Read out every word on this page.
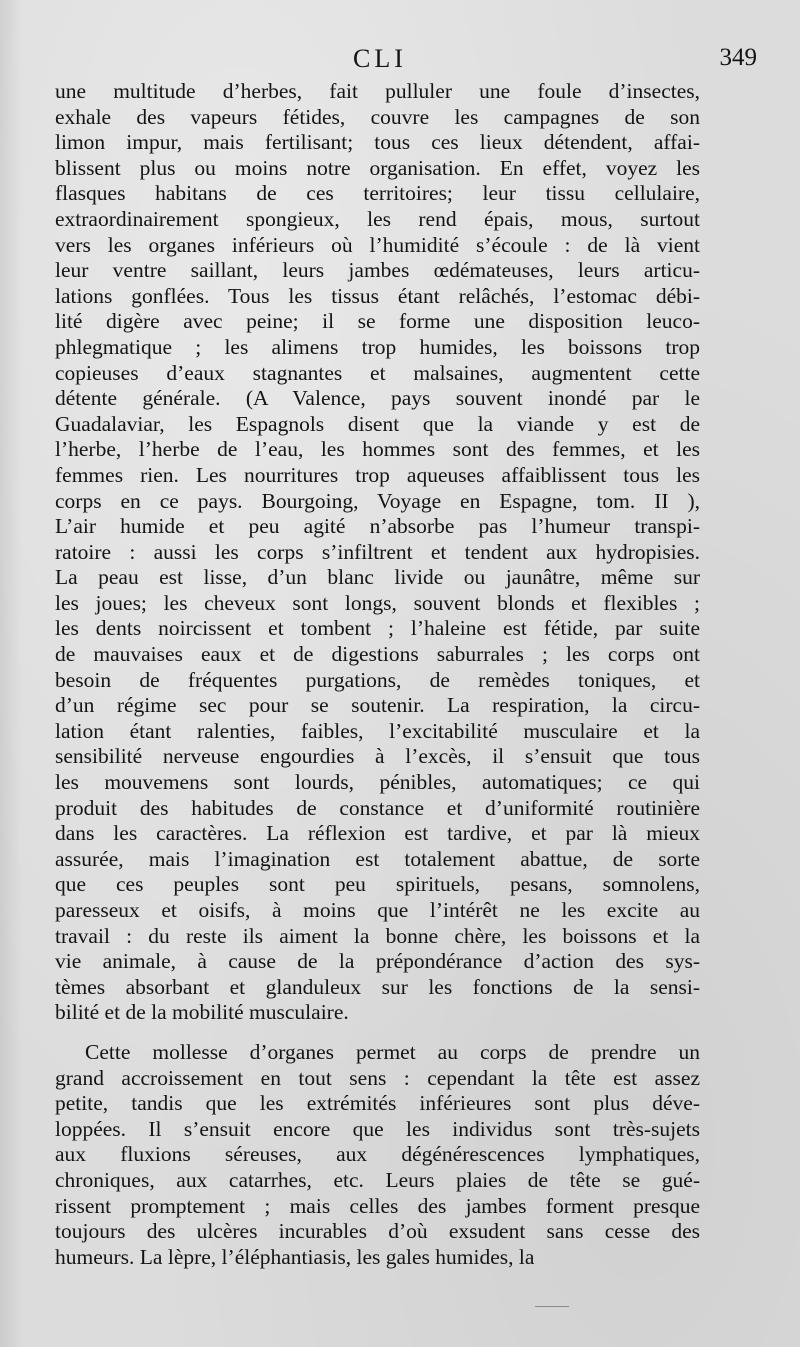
CLI	349
une multitude d’herbes, fait pulluler une foule d’insectes,
exhale des vapeurs fétides, couvre les campagnes de son
limon impur, mais fertilisant; tous ces lieux détendent, affai-
blissent plus ou moins notre organisation. En effet, voyez les
flasques habitans de ces territoires; leur tissu cellulaire,
extraordinairement spongieux, les rend épais, mous, surtout
vers les organes inférieurs où l’humidité s’écoule : de là vient
leur ventre saillant, leurs jambes œdémateuses, leurs articu-
lations gonflées. Tous les tissus étant relâchés, l’estomac débi-
lité digère avec peine; il se forme une disposition leuco-
phlegmatique ; les alimens trop humides, les boissons trop
copieuses d’eaux stagnantes et malsaines, augmentent cette
détente générale. (A Valence, pays souvent inondé par le
Guadalaviar, les Espagnols disent que la viande y est de
l’herbe, l’herbe de l’eau, les hommes sont des femmes, et les
femmes rien. Les nourritures trop aqueuses affaiblissent tous les
corps en ce pays. Bourgoing, Voyage en Espagne, tom. II ),
L’air humide et peu agité n’absorbe pas l’humeur transpi-
ratoire : aussi les corps s’infiltrent et tendent aux hydropisies.
La peau est lisse, d’un blanc livide ou jaunâtre, même sur
les joues; les cheveux sont longs, souvent blonds et flexibles ;
les dents noircissent et tombent ; l’haleine est fétide, par suite
de mauvaises eaux et de digestions saburrales ; les corps ont
besoin de fréquentes purgations, de remèdes toniques, et
d’un régime sec pour se soutenir. La respiration, la circu-
lation étant ralenties, faibles, l’excitabilité musculaire et la
sensibilité nerveuse engourdies à l’excès, il s’ensuit que tous
les mouvemens sont lourds, pénibles, automatiques; ce qui
produit des habitudes de constance et d’uniformité routinière
dans les caractères. La réflexion est tardive, et par là mieux
assurée, mais l’imagination est totalement abattue, de sorte
que ces peuples sont peu spirituels, pesans, somnolens,
paresseux et oisifs, à moins que l’intérêt ne les excite au
travail : du reste ils aiment la bonne chère, les boissons et la
vie animale, à cause de la prépondérance d’action des sys-
tèmes absorbant et glanduleux sur les fonctions de la sensi-
bilité et de la mobilité musculaire.
Cette mollesse d’organes permet au corps de prendre un
grand accroissement en tout sens : cependant la tête est assez
petite, tandis que les extrémités inférieures sont plus déve-
loppées. Il s’ensuit encore que les individus sont très-sujets
aux fluxions séreuses, aux dégénérescences lymphatiques,
chroniques, aux catarrhes, etc. Leurs plaies de tête se gué-
rissent promptement ; mais celles des jambes forment presque
toujours des ulcères incurables d’où exsudent sans cesse des
humeurs. La lèpre, l’éléphantiasis, les gales humides, la
